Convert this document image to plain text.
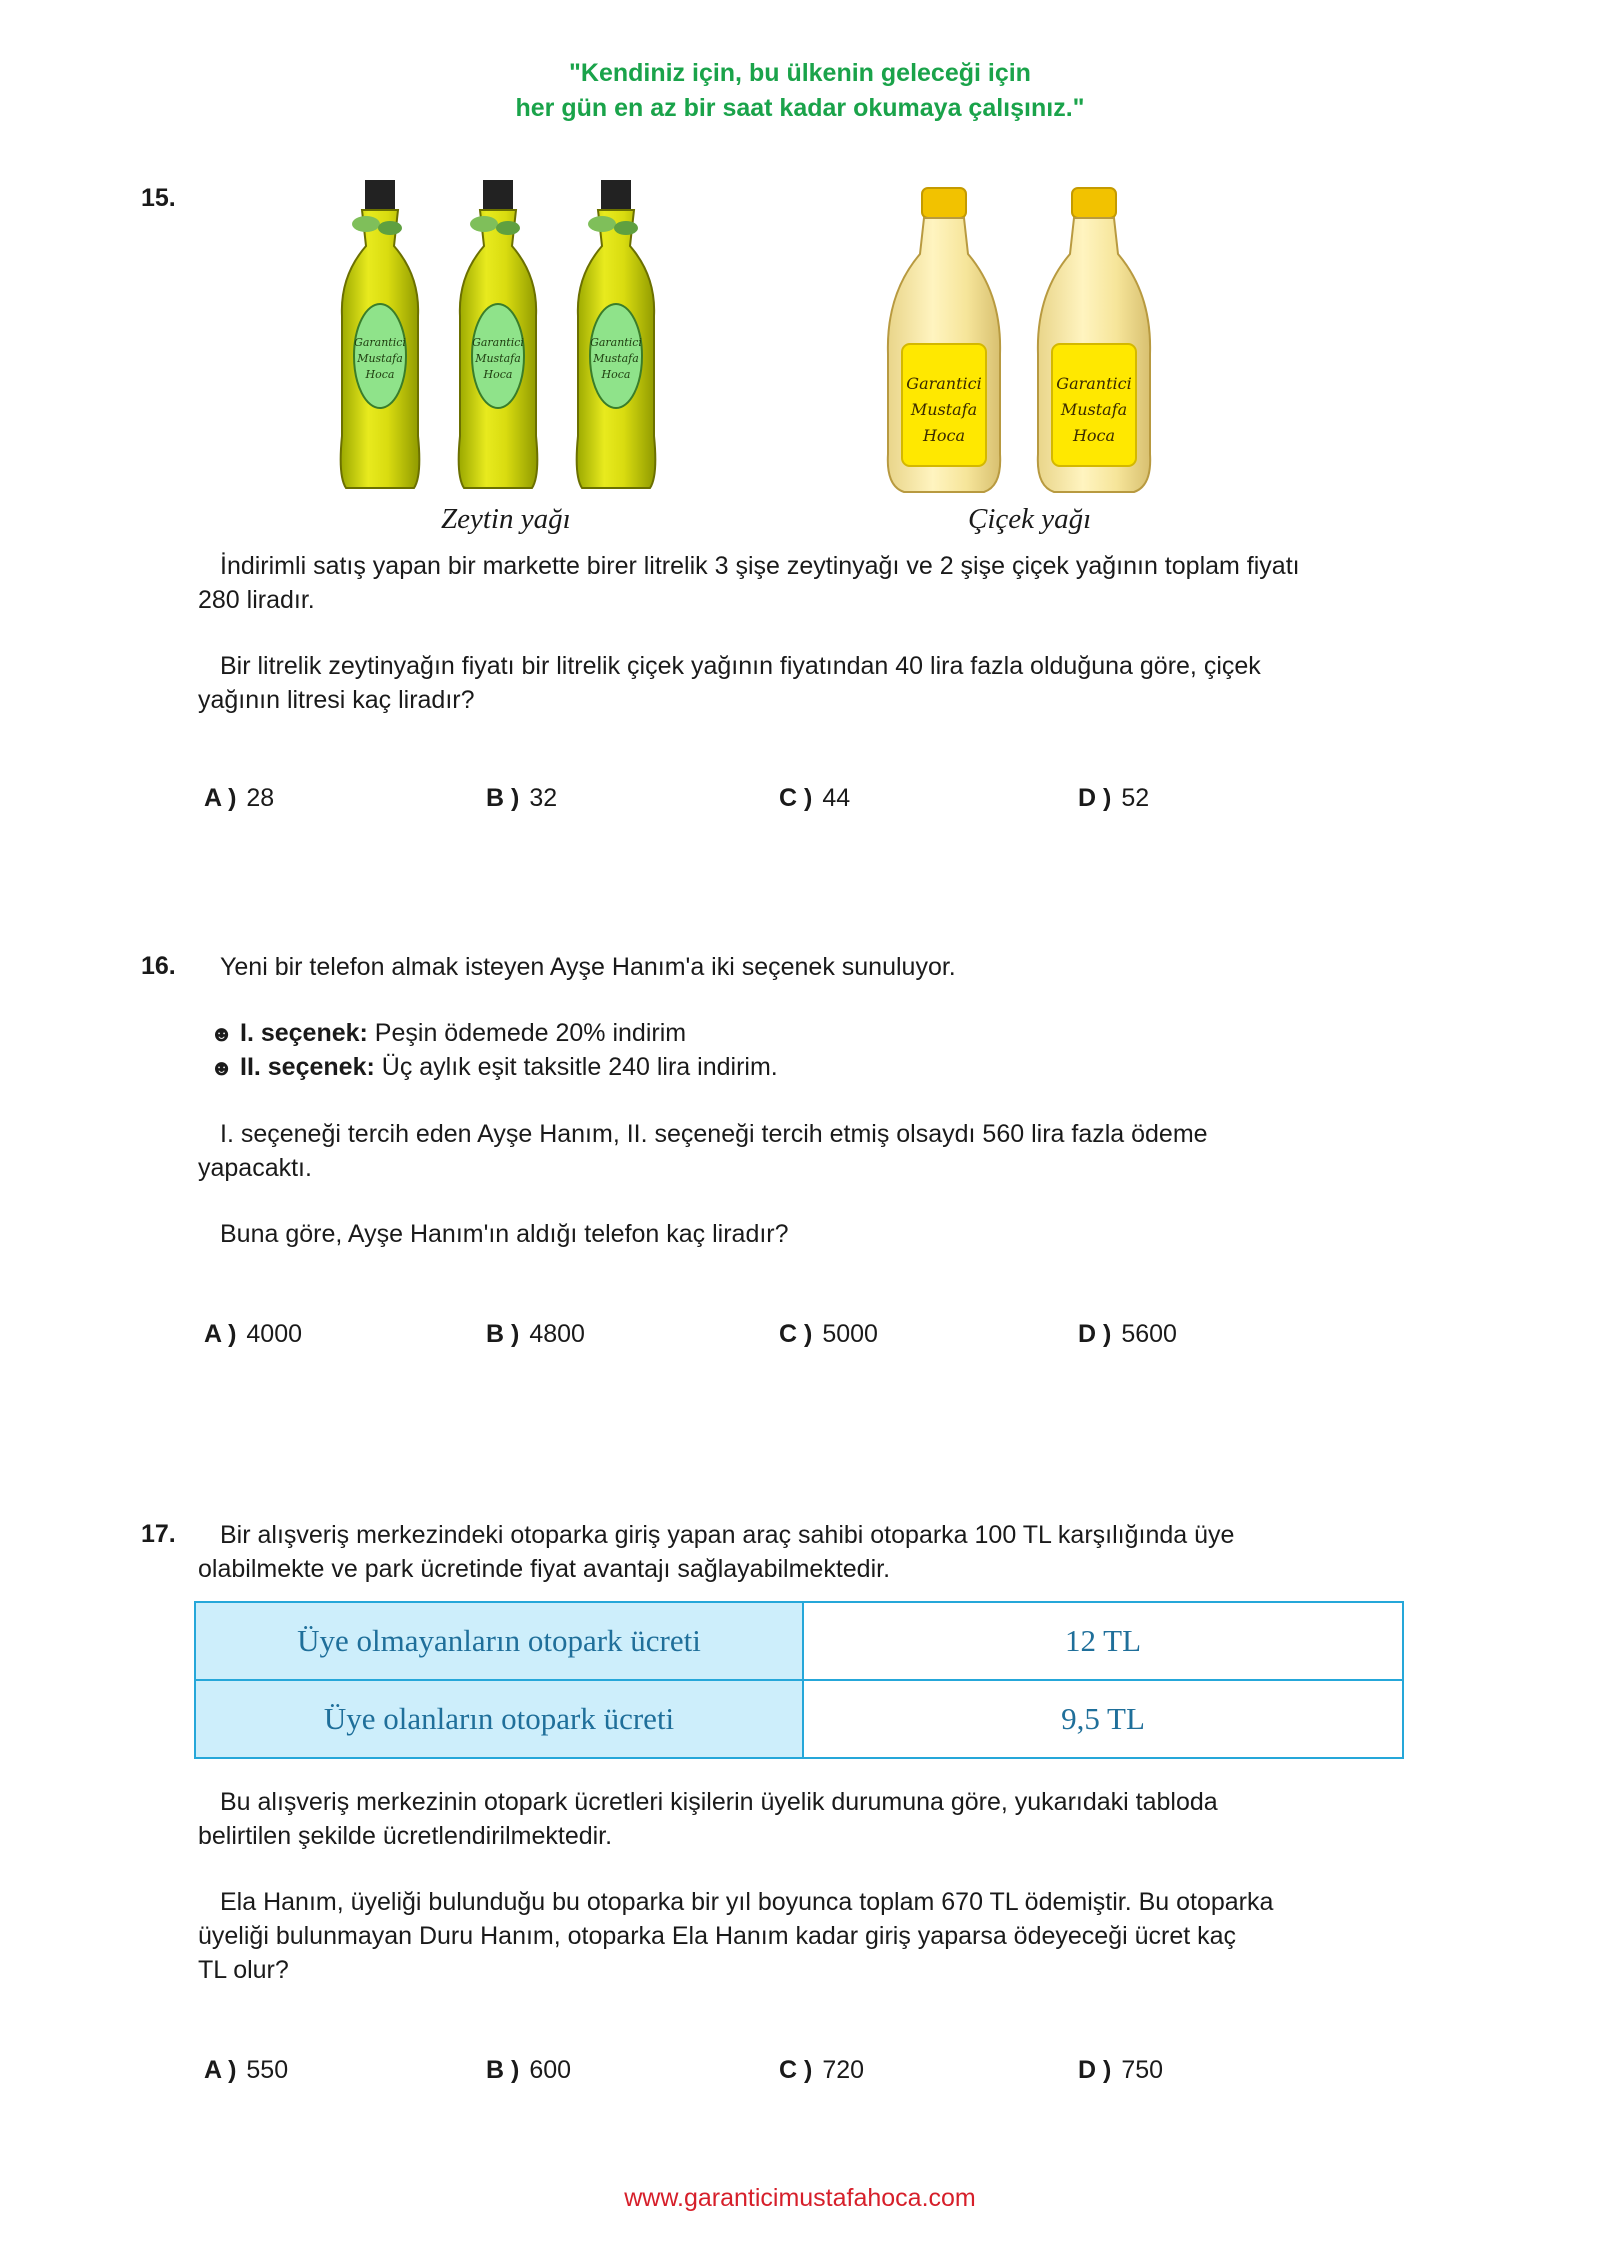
"Kendiniz için, bu ülkenin geleceği için
her gün en az bir saat kadar okumaya çalışınız."
15.
Garantici
Mustafa
Hoca
Garantici
Mustafa
Hoca
Garantici
Mustafa
Hoca	Garantici
Mustafa
Hoca
Garantici
Mustafa
Hoca
Zeytin yağı	Çiçek yağı
İndirimli satış yapan bir markette birer litrelik 3 şişe zeytinyağı ve 2 şişe çiçek yağının toplam fiyatı
280 liradır.
Bir litrelik zeytinyağın fiyatı bir litrelik çiçek yağının fiyatından 40 lira fazla olduğuna göre, çiçek
yağının litresi kaç liradır?
A ) 28	B ) 32	C ) 44	D ) 52
16. Yeni bir telefon almak isteyen Ayşe Hanım'a iki seçenek sunuluyor.
☻ I. seçenek: Peşin ödemede 20% indirim
☻ II. seçenek: Üç aylık eşit taksitle 240 lira indirim.
I. seçeneği tercih eden Ayşe Hanım, II. seçeneği tercih etmiş olsaydı 560 lira fazla ödeme
yapacaktı.
Buna göre, Ayşe Hanım'ın aldığı telefon kaç liradır?
A ) 4000	B ) 4800	C ) 5000	D ) 5600
17. Bir alışveriş merkezindeki otoparka giriş yapan araç sahibi otoparka 100 TL karşılığında üye
olabilmekte ve park ücretinde fiyat avantajı sağlayabilmektedir.
Üye olmayanların otopark ücreti	12 TL
Üye olanların otopark ücreti	9,5 TL
Bu alışveriş merkezinin otopark ücretleri kişilerin üyelik durumuna göre, yukarıdaki tabloda
belirtilen şekilde ücretlendirilmektedir.
Ela Hanım, üyeliği bulunduğu bu otoparka bir yıl boyunca toplam 670 TL ödemiştir. Bu otoparka
üyeliği bulunmayan Duru Hanım, otoparka Ela Hanım kadar giriş yaparsa ödeyeceği ücret kaç
TL olur?
A ) 550	B ) 600	C ) 720	D ) 750
www.garanticimustafahoca.com
